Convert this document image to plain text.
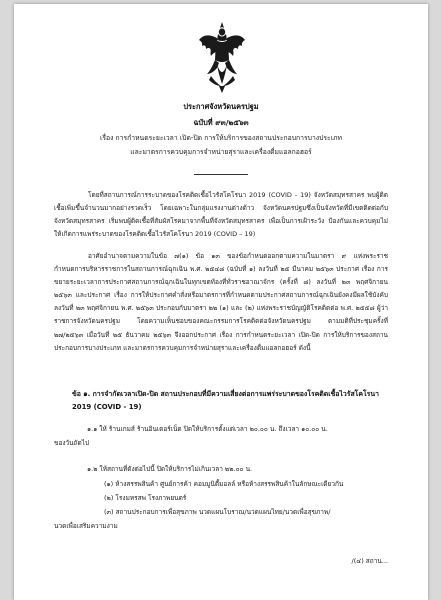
ประกาศจังหวัดนครปฐม
ฉบับที่ ๙๓/๒๕๖๓
เรื่อง การกำหนดระยะเวลา เปิด-ปิด การให้บริการของสถานประกอบการบางประเภท
และมาตรการควบคุมการจำหน่ายสุราและเครื่องดื่มแอลกอฮอร์
โดยที่สถานการณ์การระบาดของโรคติดเชื้อไวรัสโคโรนา 2019 (COVID - 19) จังหวัดสมุทรสาคร พบผู้ติดเชื้อเพิ่มขึ้นจำนวนมากอย่างรวดเร็ว โดยเฉพาะในกลุ่มแรงงานต่างด้าว จังหวัดนครปฐมซึ่งเป็นจังหวัดที่มีเขตติดต่อกับจังหวัดสมุทรสาคร เริ่มพบผู้ติดเชื้อที่สัมผัสโรคมาจากพื้นที่จังหวัดสมุทรสาคร เพื่อเป็นการเฝ้าระวัง ป้องกันและควบคุมไม่ให้เกิดการแพร่ระบาดของโรคติดเชื้อไวรัสโคโรนา 2019 (COVID – 19)
อาศัยอำนาจตามความในข้อ ๗(๑) ข้อ ๑๓ ของข้อกำหนดออกตามความในมาตรา ๙ แห่งพระราชกำหนดการบริหารราชการในสถานการณ์ฉุกเฉิน พ.ศ. ๒๕๔๘ (ฉบับที่ ๑) ลงวันที่ ๒๕ มีนาคม ๒๕๖๓ ประกาศ เรื่อง การขยายระยะเวลาการประกาศสถานการณ์ฉุกเฉินในทุกเขตท้องที่ทั่วราชอาณาจักร (ครั้งที่ ๘) ลงวันที่ ๒๓ พฤศจิกายน ๒๕๖๓ และประกาศ เรื่อง การให้ประกาศคำสั่งหรือมาตรการที่กำหนดตามประกาศสถานการณ์ฉุกเฉินยังคงมีผลใช้บังคับ ลงวันที่ ๒๓ พฤศจิกายน พ.ศ. ๒๕๖๓ ประกอบกับมาตรา ๒๒ (๑) และ (๒) แห่งพระราชบัญญัติโรคติดต่อ พ.ศ. ๒๕๕๘ ผู้ว่าราชการจังหวัดนครปฐม โดยความเห็นชอบของคณะกรรมการโรคติดต่อจังหวัดนครปฐม ตามมติที่ประชุมครั้งที่ ๒๗/๒๕๖๓ เมื่อวันที่ ๒๕ ธันวาคม ๒๕๖๓ จึงออกประกาศ เรื่อง การกำหนดระยะเวลา เปิด-ปิด การให้บริการของสถานประกอบการบางประเภท และมาตรการควบคุมการจำหน่ายสุราและเครื่องดื่มแอลกอฮอร์ ดังนี้
ข้อ ๑. การจำกัดเวลาเปิด-ปิด สถานประกอบที่มีความเสี่ยงต่อการแพร่ระบาดของโรคติดเชื้อไวรัสโคโรนา 2019 (COVID - 19)
๑.๑ ให้ ร้านเกมส์ ร้านอินเตอร์เน็ต ปิดให้บริการตั้งแต่เวลา ๒๐.๐๐ น. ถึงเวลา ๑๐.๐๐ น.
ของวันถัดไป
๑.๒ ให้สถานที่ดังต่อไปนี้ ปิดให้บริการไม่เกินเวลา ๒๒.๐๐ น.
(๑) ห้างสรรพสินค้า ศูนย์การค้า คอมมูนิตี้มอลล์ หรือห้างสรรพสินค้าในลักษณะเดียวกัน
(๒) โรงมหรสพ โรงภาพยนตร์
(๓) สถานประกอบการเพื่อสุขภาพ นวดแผนโบราณ/นวดแผนไทย/นวดเพื่อสุขภาพ/
นวดเพื่อเสริมความงาม
/(๔) สถาน...
